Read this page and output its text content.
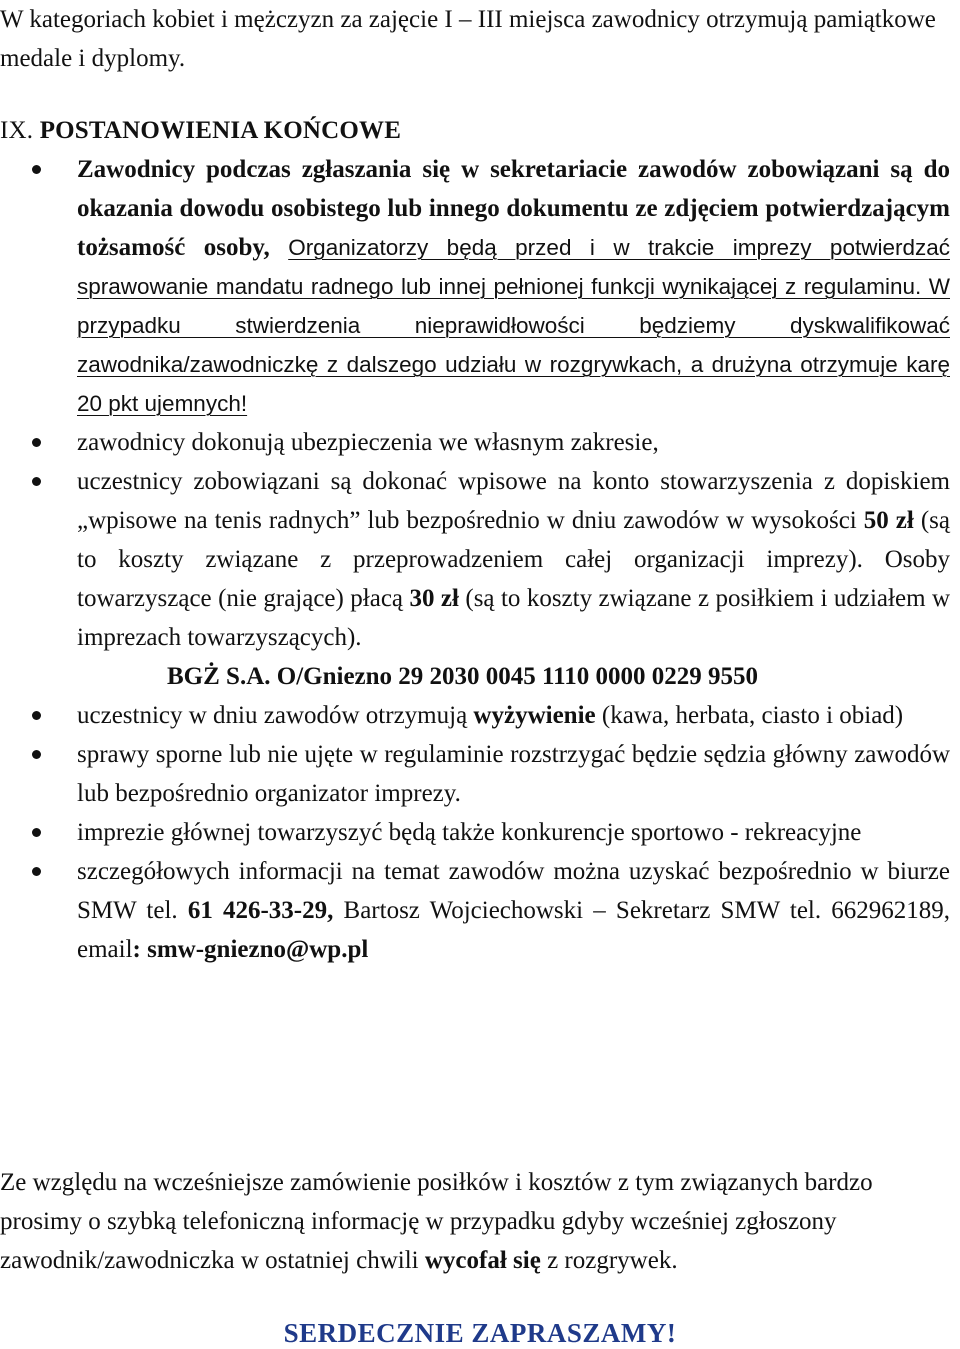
W kategoriach kobiet i mężczyzn za zajęcie I – III miejsca zawodnicy otrzymują pamiątkowe medale i dyplomy.

IX. POSTANOWIENIA KOŃCOWE

Zawodnicy podczas zgłaszania się w sekretariacie zawodów zobowiązani są do okazania dowodu osobistego lub innego dokumentu ze zdjęciem potwierdzającym tożsamość osoby, Organizatorzy będą przed i w trakcie imprezy potwierdzać sprawowanie mandatu radnego lub innej pełnionej funkcji wynikającej z regulaminu. W przypadku stwierdzenia nieprawidłowości będziemy dyskwalifikować zawodnika/zawodniczkę z dalszego udziału w rozgrywkach, a drużyna otrzymuje karę 20 pkt ujemnych!
zawodnicy dokonują ubezpieczenia we własnym zakresie,
uczestnicy zobowiązani są dokonać wpisowe na konto stowarzyszenia z dopiskiem „wpisowe na tenis radnych” lub bezpośrednio w dniu zawodów w wysokości 50 zł (są to koszty związane z przeprowadzeniem całej organizacji imprezy). Osoby towarzyszące (nie grające) płacą 30 zł (są to koszty związane z posiłkiem i udziałem w imprezach towarzyszących).
BGŻ S.A. O/Gniezno 29 2030 0045 1110 0000 0229 9550
uczestnicy w dniu zawodów otrzymują wyżywienie (kawa, herbata, ciasto i obiad)
sprawy sporne lub nie ujęte w regulaminie rozstrzygać będzie sędzia główny zawodów lub bezpośrednio organizator imprezy.
imprezie głównej towarzyszyć będą także konkurencje sportowo - rekreacyjne
szczegółowych informacji na temat zawodów można uzyskać bezpośrednio w biurze SMW tel. 61 426-33-29, Bartosz Wojciechowski – Sekretarz SMW tel. 662962189, email: smw-gniezno@wp.pl

Ze względu na wcześniejsze zamówienie posiłków i kosztów z tym związanych bardzo prosimy o szybką telefoniczną informację w przypadku gdyby wcześniej zgłoszony zawodnik/zawodniczka w ostatniej chwili wycofał się z rozgrywek.

SERDECZNIE ZAPRASZAMY!
